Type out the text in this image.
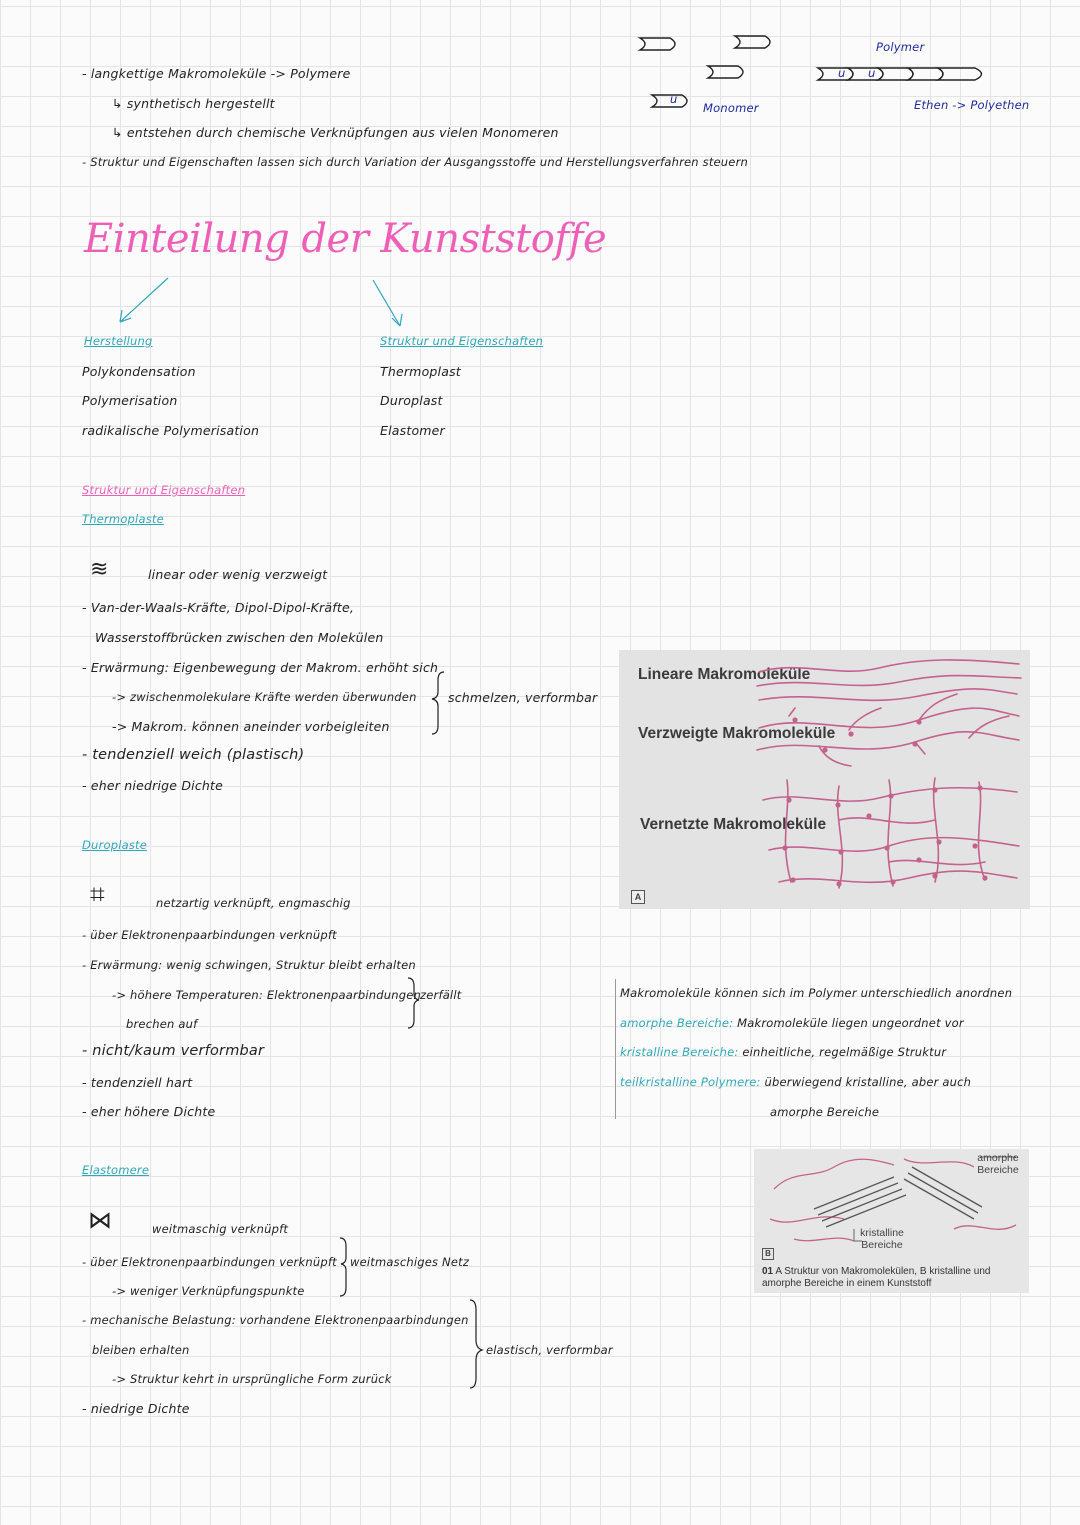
- langkettige Makromoleküle -> Polymere
↳ synthetisch hergestellt
↳ entstehen durch chemische Verknüpfungen aus vielen Monomeren
- Struktur und Eigenschaften lassen sich durch Variation der Ausgangsstoffe und Herstellungsverfahren steuern
u
u u
Monomer
Polymer
Ethen -> Polyethen
Einteilung der Kunststoffe
Herstellung
Polykondensation
Polymerisation
radikalische Polymerisation
Struktur und Eigenschaften
Thermoplast
Duroplast
Elastomer
Struktur und Eigenschaften
Thermoplaste
≋	linear oder wenig verzweigt
- Van-der-Waals-Kräfte, Dipol-Dipol-Kräfte,
Wasserstoffbrücken zwischen den Molekülen
- Erwärmung: Eigenbewegung der Makrom. erhöht sich
-> zwischenmolekulare Kräfte werden überwunden
-> Makrom. können aneinder vorbeigleiten
schmelzen, verformbar
- tendenziell weich (plastisch)
- eher niedrige Dichte
Duroplaste
⌗	netzartig verknüpft, engmaschig
- über Elektronenpaarbindungen verknüpft
- Erwärmung: wenig schwingen, Struktur bleibt erhalten
-> höhere Temperaturen: Elektronenpaarbindungen
brechen auf
zerfällt
- nicht/kaum verformbar
- tendenziell hart
- eher höhere Dichte
Elastomere
⋈	weitmaschig verknüpft
- über Elektronenpaarbindungen verknüpft
-> weniger Verknüpfungspunkte
weitmaschiges Netz
- mechanische Belastung: vorhandene Elektronenpaarbindungen
bleiben erhalten
-> Struktur kehrt in ursprüngliche Form zurück
elastisch, verformbar
- niedrige Dichte
Lineare Makromoleküle
Verzweigte Makromoleküle
Vernetzte Makromoleküle
A
Makromoleküle können sich im Polymer unterschiedlich anordnen
amorphe Bereiche: Makromoleküle liegen ungeordnet vor
kristalline Bereiche: einheitliche, regelmäßige Struktur
teilkristalline Polymere: überwiegend kristalline, aber auch
amorphe Bereiche
amorphe Bereiche
kristalline Bereiche
B
01 A Struktur von Makromolekülen, B kristalline und amorphe Bereiche in einem Kunststoff
